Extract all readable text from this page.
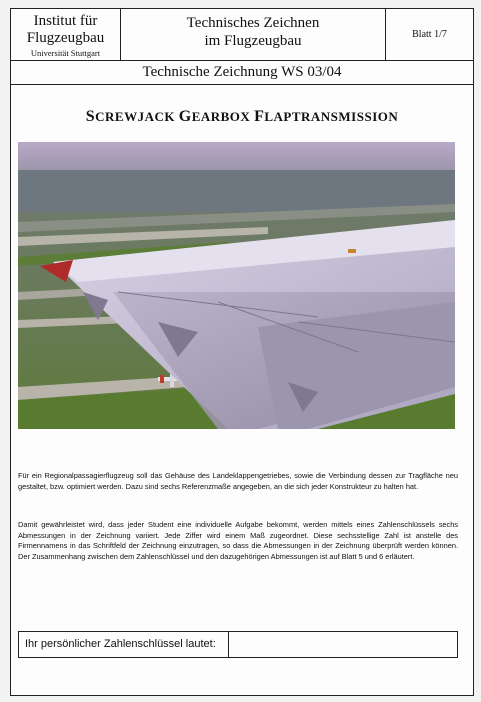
Institut für
Flugzeugbau
Universität Stuttgart
Technisches Zeichnen
im Flugzeugbau	Blatt 1/7
Technische Zeichnung WS 03/04
SCREWJACK GEARBOX FLAPTRANSMISSION
Für ein Regionalpassagierflugzeug soll das Gehäuse des Landeklappengetriebes, sowie die Verbindung dessen zur Tragfläche neu gestaltet, bzw. optimiert werden. Dazu sind sechs Referenzmaße angegeben, an die sich jeder Konstrukteur zu halten hat.
Damit gewährleistet wird, dass jeder Student eine individuelle Aufgabe bekommt, werden mittels eines Zahlenschlüssels sechs Abmessungen in der Zeichnung variiert. Jede Ziffer wird einem Maß zugeordnet. Diese sechsstellige Zahl ist anstelle des Firmennamens in das Schriftfeld der Zeichnung einzutragen, so dass die Abmessungen in der Zeichnung überprüft werden können. Der Zusammenhang zwischen dem Zahlenschlüssel und den dazugehörigen Abmessungen ist auf Blatt 5 und 6 erläutert.
Ihr persönlicher Zahlenschlüssel lautet:
